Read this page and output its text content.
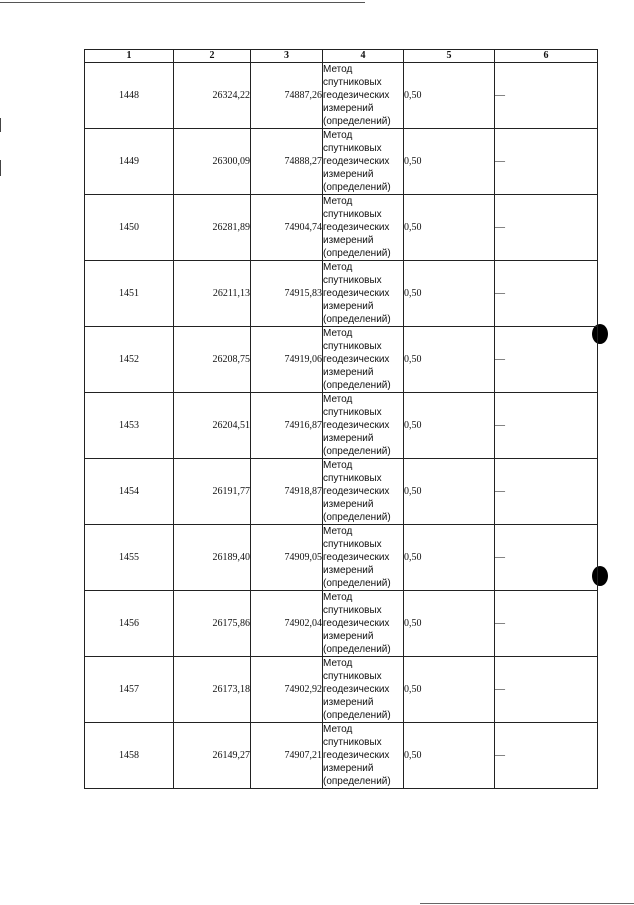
1	2	3	4	5	6
1448	26324,22	74887,26	Метод
спутниковых
геодезических
измерений
(определений)	0,50	—
1449	26300,09	74888,27	Метод
спутниковых
геодезических
измерений
(определений)	0,50	—
1450	26281,89	74904,74	Метод
спутниковых
геодезических
измерений
(определений)	0,50	—
1451	26211,13	74915,83	Метод
спутниковых
геодезических
измерений
(определений)	0,50	—
1452	26208,75	74919,06	Метод
спутниковых
геодезических
измерений
(определений)	0,50	—
1453	26204,51	74916,87	Метод
спутниковых
геодезических
измерений
(определений)	0,50	—
1454	26191,77	74918,87	Метод
спутниковых
геодезических
измерений
(определений)	0,50	—
1455	26189,40	74909,05	Метод
спутниковых
геодезических
измерений
(определений)	0,50	—
1456	26175,86	74902,04	Метод
спутниковых
геодезических
измерений
(определений)	0,50	—
1457	26173,18	74902,92	Метод
спутниковых
геодезических
измерений
(определений)	0,50	—
1458	26149,27	74907,21	Метод
спутниковых
геодезических
измерений
(определений)	0,50	—
